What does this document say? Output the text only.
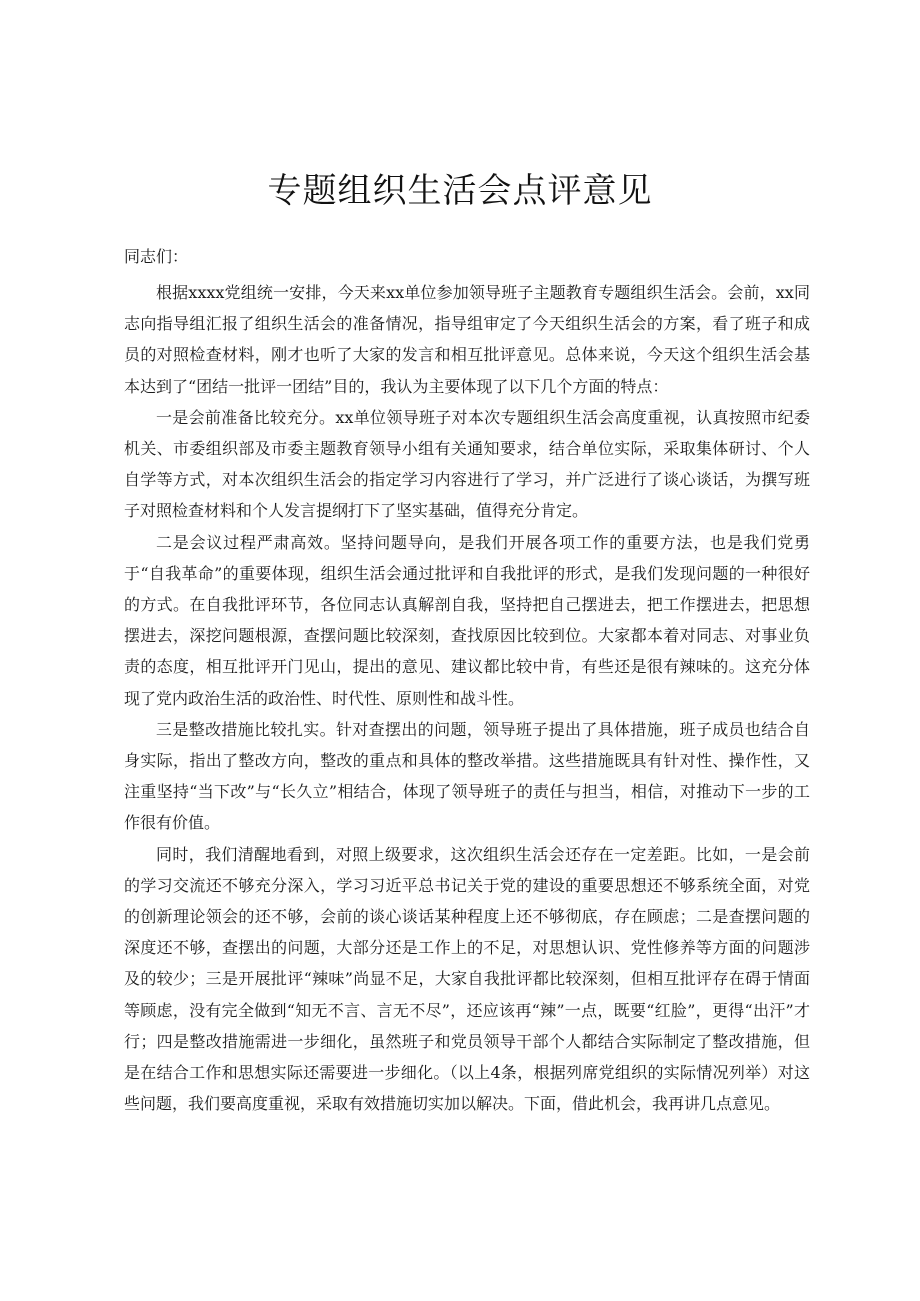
专题组织生活会点评意见

同志们：

根据xxxx党组统一安排，今天来xx单位参加领导班子主题教育专题组织生活会。会前，xx同志向指导组汇报了组织生活会的准备情况，指导组审定了今天组织生活会的方案，看了班子和成员的对照检查材料，刚才也听了大家的发言和相互批评意见。总体来说，今天这个组织生活会基本达到了“团结一批评一团结”目的，我认为主要体现了以下几个方面的特点：

一是会前准备比较充分。xx单位领导班子对本次专题组织生活会高度重视，认真按照市纪委机关、市委组织部及市委主题教育领导小组有关通知要求，结合单位实际，采取集体研讨、个人自学等方式，对本次组织生活会的指定学习内容进行了学习，并广泛进行了谈心谈话，为撰写班子对照检查材料和个人发言提纲打下了坚实基础，值得充分肯定。

二是会议过程严肃高效。坚持问题导向，是我们开展各项工作的重要方法，也是我们党勇于“自我革命”的重要体现，组织生活会通过批评和自我批评的形式，是我们发现问题的一种很好的方式。在自我批评环节，各位同志认真解剖自我，坚持把自己摆进去，把工作摆进去，把思想摆进去，深挖问题根源，查摆问题比较深刻，查找原因比较到位。大家都本着对同志、对事业负责的态度，相互批评开门见山，提出的意见、建议都比较中肯，有些还是很有辣味的。这充分体现了党内政治生活的政治性、时代性、原则性和战斗性。

三是整改措施比较扎实。针对查摆出的问题，领导班子提出了具体措施，班子成员也结合自身实际，指出了整改方向，整改的重点和具体的整改举措。这些措施既具有针对性、操作性，又注重坚持“当下改”与“长久立”相结合，体现了领导班子的责任与担当，相信，对推动下一步的工作很有价值。

同时，我们清醒地看到，对照上级要求，这次组织生活会还存在一定差距。比如，一是会前的学习交流还不够充分深入，学习习近平总书记关于党的建设的重要思想还不够系统全面，对党的创新理论领会的还不够，会前的谈心谈话某种程度上还不够彻底，存在顾虑；二是查摆问题的深度还不够，查摆出的问题，大部分还是工作上的不足，对思想认识、党性修养等方面的问题涉及的较少；三是开展批评“辣味”尚显不足，大家自我批评都比较深刻，但相互批评存在碍于情面等顾虑，没有完全做到“知无不言、言无不尽”，还应该再“辣”一点，既要“红脸”，更得“出汗”才行；四是整改措施需进一步细化，虽然班子和党员领导干部个人都结合实际制定了整改措施，但是在结合工作和思想实际还需要进一步细化。（以上4条，根据列席党组织的实际情况列举）对这些问题，我们要高度重视，采取有效措施切实加以解决。下面，借此机会，我再讲几点意见。
